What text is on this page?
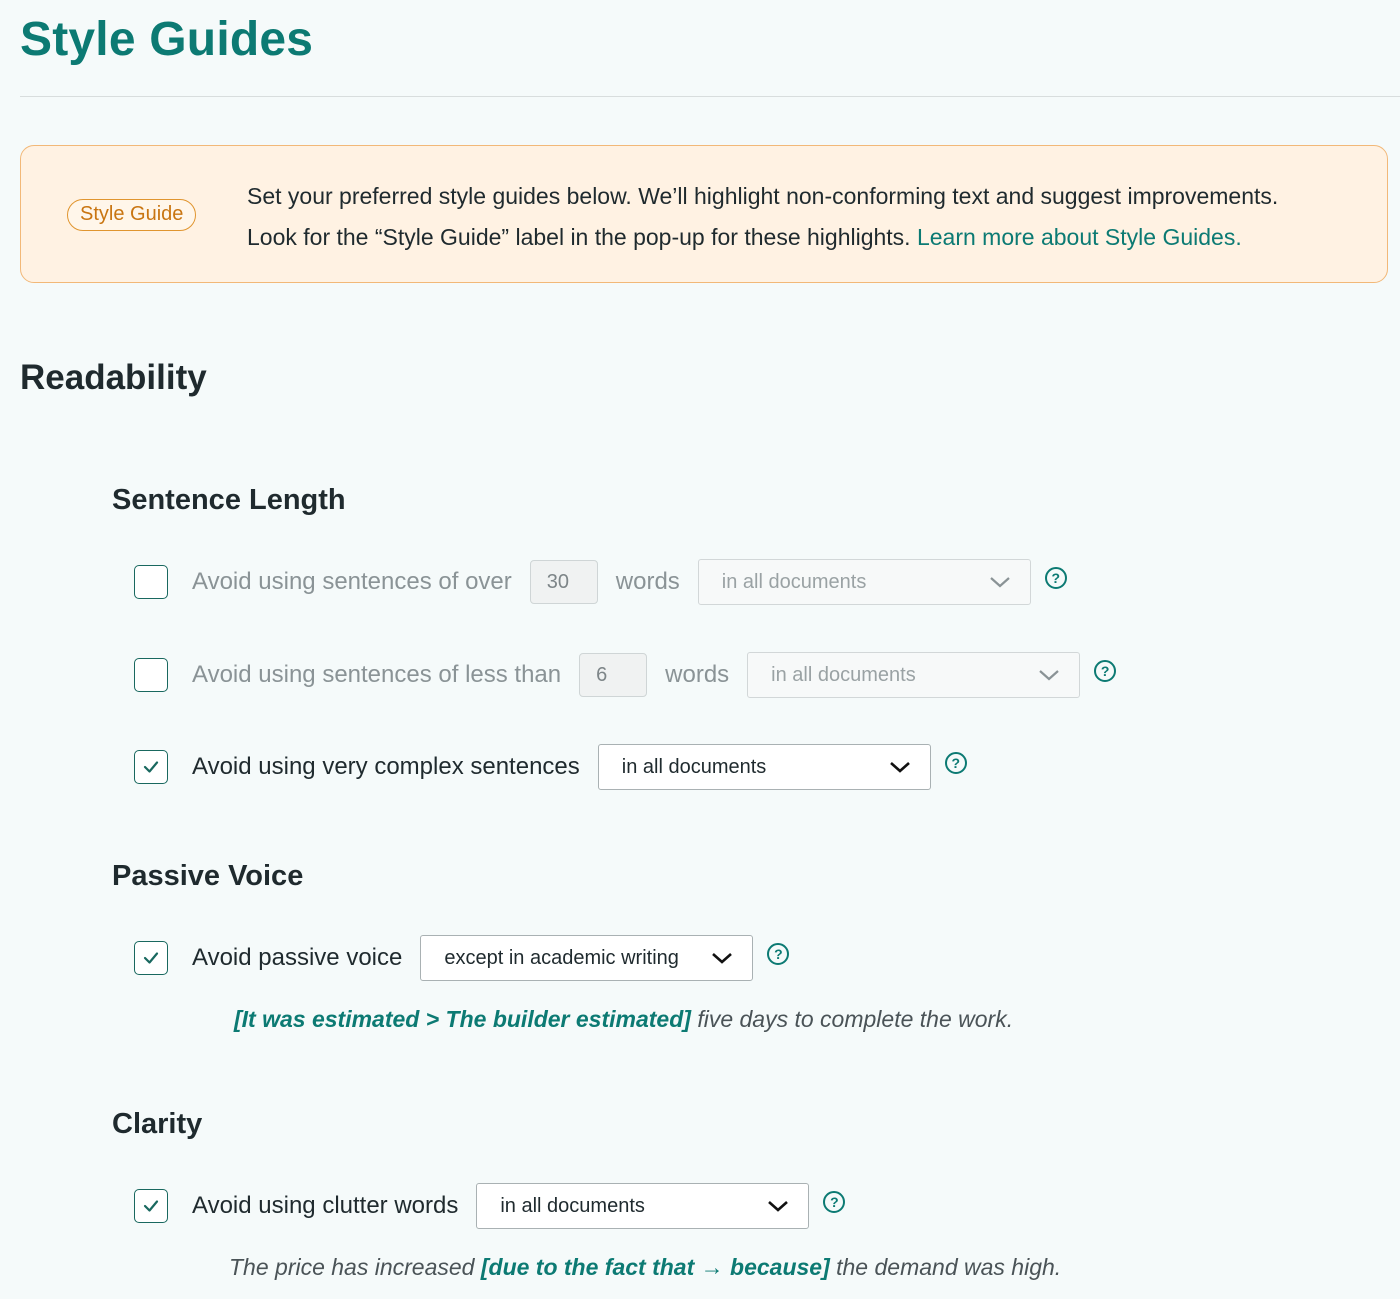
Style Guides
Style Guide
Set your preferred style guides below. We’ll highlight non-conforming text and suggest improvements.
Look for the “Style Guide” label in the pop-up for these highlights. Learn more about Style Guides.
Readability
Sentence Length
Avoid using sentences of over
30	words in all documents	?
Avoid using sentences of less than
6	words in all documents	?
Avoid using very complex sentences in all documents	?
Passive Voice
Avoid passive voice except in academic writing	?
[It was estimated > The builder estimated] five days to complete the work.
Clarity
Avoid using clutter words in all documents	?
The price has increased [due to the fact that → because] the demand was high.
